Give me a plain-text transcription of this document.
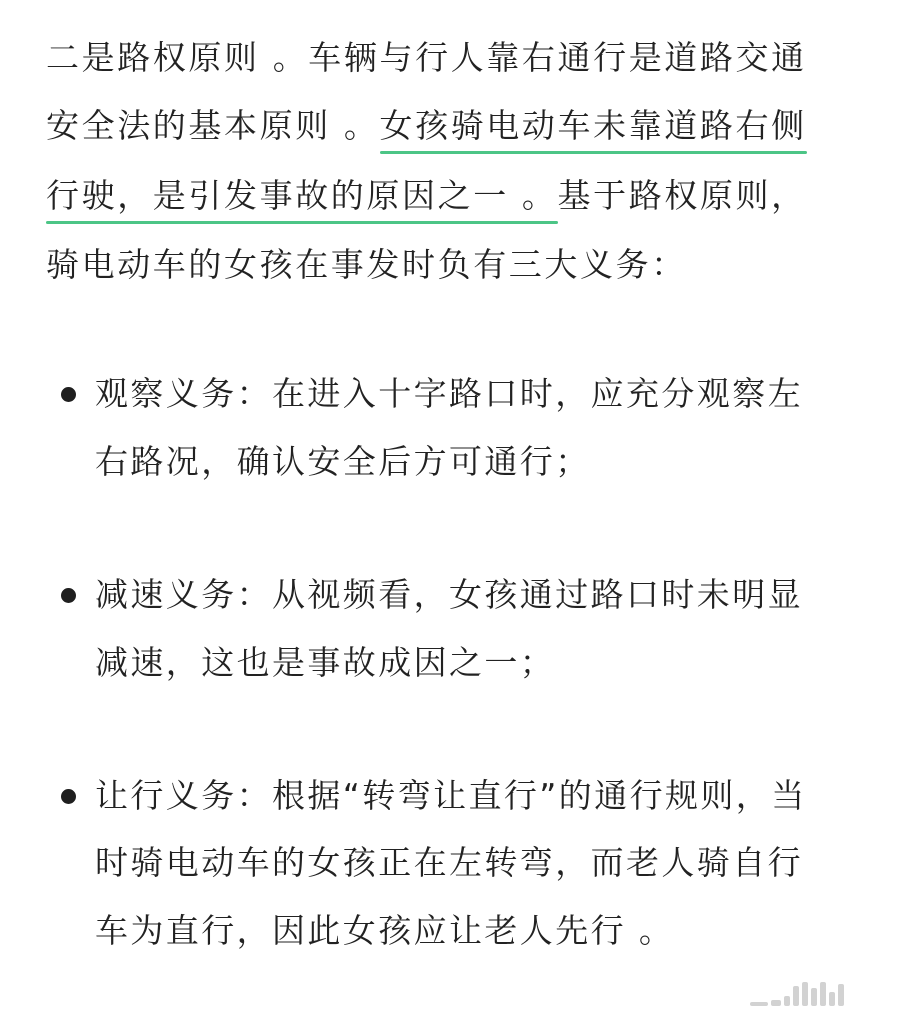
二是路权原则 。车辆与行人靠右通行是道路交通
安全法的基本原则 。女孩骑电动车未靠道路右侧
行驶，是引发事故的原因之一 。基于路权原则，
骑电动车的女孩在事发时负有三大义务：
观察义务：在进入十字路口时，应充分观察左
右路况，确认安全后方可通行；
减速义务：从视频看，女孩通过路口时未明显
减速，这也是事故成因之一；
让行义务：根据“转弯让直行”的通行规则，当
时骑电动车的女孩正在左转弯，而老人骑自行
车为直行，因此女孩应让老人先行 。
